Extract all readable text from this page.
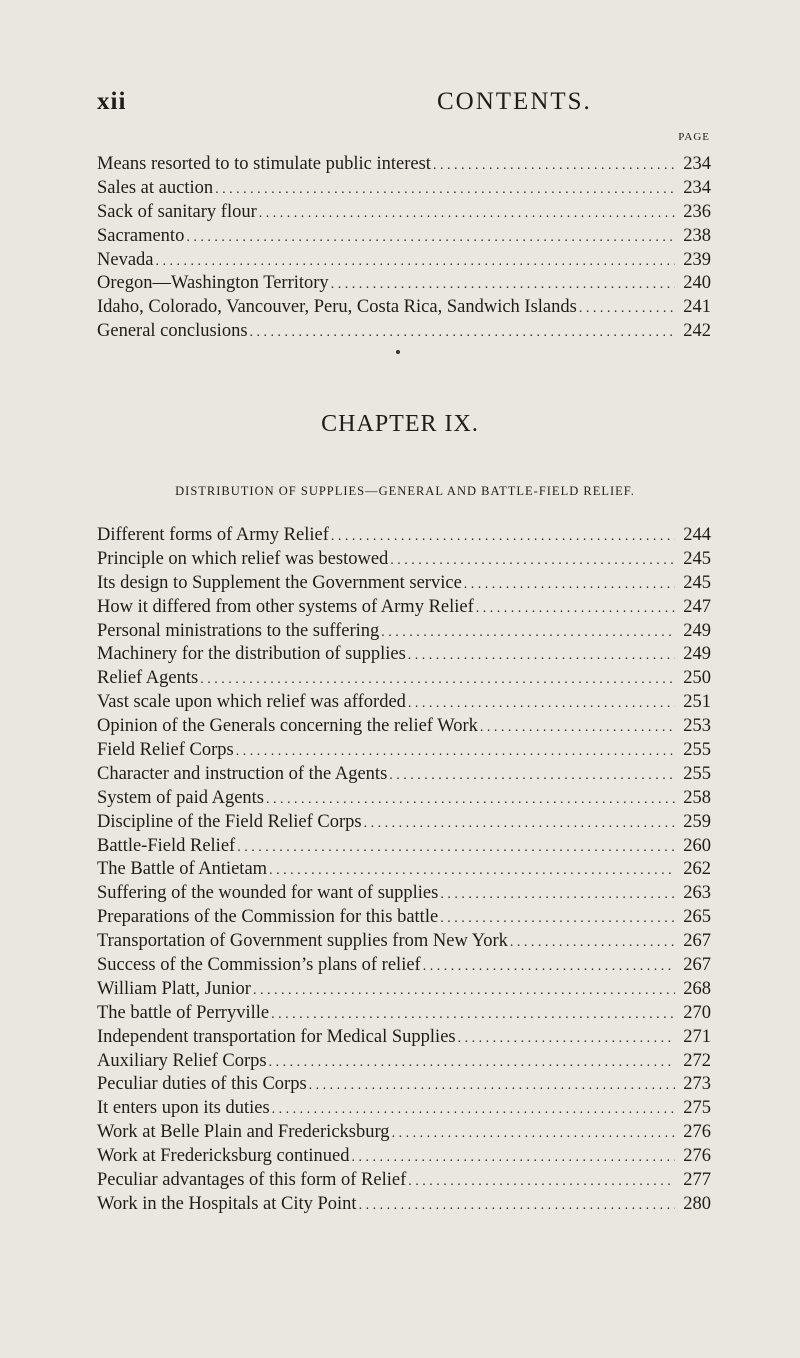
xii	CONTENTS.
PAGE
Means resorted to to stimulate public interest . . .	234
Sales at auction . . .	234
Sack of sanitary flour . . .	236
Sacramento . . .	238
Nevada . . .	239
Oregon—Washington Territory . . .	240
Idaho, Colorado, Vancouver, Peru, Costa Rica, Sandwich Islands . . .	241
General conclusions . . .	242
CHAPTER IX.
DISTRIBUTION OF SUPPLIES—GENERAL AND BATTLE-FIELD RELIEF.
Different forms of Army Relief . . .	244
Principle on which relief was bestowed . . .	245
Its design to Supplement the Government service . . .	245
How it differed from other systems of Army Relief . . .	247
Personal ministrations to the suffering . . .	249
Machinery for the distribution of supplies . . .	249
Relief Agents . . .	250
Vast scale upon which relief was afforded . . .	251
Opinion of the Generals concerning the relief Work . . .	253
Field Relief Corps . . .	255
Character and instruction of the Agents . . .	255
System of paid Agents . . .	258
Discipline of the Field Relief Corps . . .	259
Battle-Field Relief . . .	260
The Battle of Antietam . . .	262
Suffering of the wounded for want of supplies . . .	263
Preparations of the Commission for this battle . . .	265
Transportation of Government supplies from New York . . .	267
Success of the Commission’s plans of relief . . .	267
William Platt, Junior . . .	268
The battle of Perryville . . .	270
Independent transportation for Medical Supplies . . .	271
Auxiliary Relief Corps . . .	272
Peculiar duties of this Corps . . .	273
It enters upon its duties . . .	275
Work at Belle Plain and Fredericksburg . . .	276
Work at Fredericksburg continued . . .	276
Peculiar advantages of this form of Relief . . .	277
Work in the Hospitals at City Point . . .	280
